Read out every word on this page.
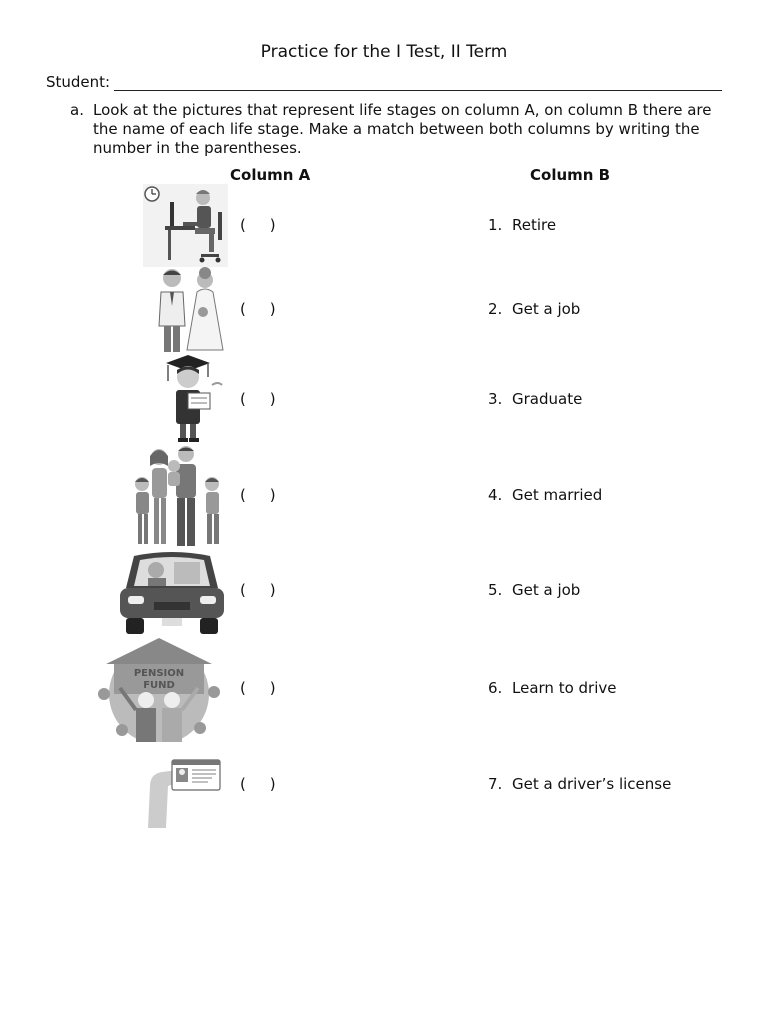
Practice for the I Test, II Term
Student:
a. Look at the pictures that represent life stages on column A, on column B there are the name of each life stage. Make a match between both columns by writing the number in the parentheses.
Column A	Column B
(     )	1. Retire
(     )	2. Get a job
(     )	3. Graduate
(     )	4. Get married
(     )	5. Get a job
PENSION
FUND	(     )	6. Learn to drive
(     )	7. Get a driver’s license
